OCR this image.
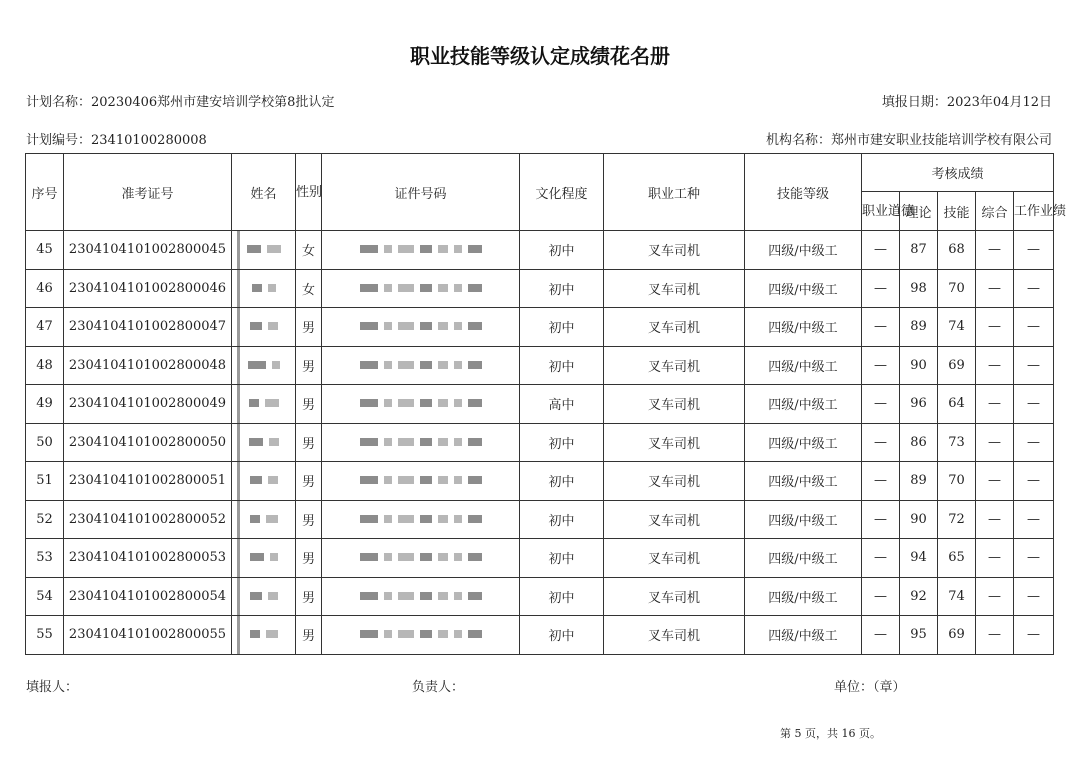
职业技能等级认定成绩花名册
计划名称：20230406郑州市建安培训学校第8批认定	填报日期：2023年04月12日
计划编号：23410100280008	机构名称：郑州市建安职业技能培训学校有限公司
序号	准考证号	姓名	性别	证件号码	文化程度	职业工种	技能等级	考核成绩				
								职业道德	理论	技能	综合	工作业绩
45	2304104101002800045		女		初中	叉车司机	四级/中级工	—	87	68	—	—
46	2304104101002800046		女		初中	叉车司机	四级/中级工	—	98	70	—	—
47	2304104101002800047		男		初中	叉车司机	四级/中级工	—	89	74	—	—
48	2304104101002800048		男		初中	叉车司机	四级/中级工	—	90	69	—	—
49	2304104101002800049		男		高中	叉车司机	四级/中级工	—	96	64	—	—
50	2304104101002800050		男		初中	叉车司机	四级/中级工	—	86	73	—	—
51	2304104101002800051		男		初中	叉车司机	四级/中级工	—	89	70	—	—
52	2304104101002800052		男		初中	叉车司机	四级/中级工	—	90	72	—	—
53	2304104101002800053		男		初中	叉车司机	四级/中级工	—	94	65	—	—
54	2304104101002800054		男		初中	叉车司机	四级/中级工	—	92	74	—	—
55	2304104101002800055		男		初中	叉车司机	四级/中级工	—	95	69	—	—
填报人：	负责人：	单位：（章）
第 5 页，共 16 页。
